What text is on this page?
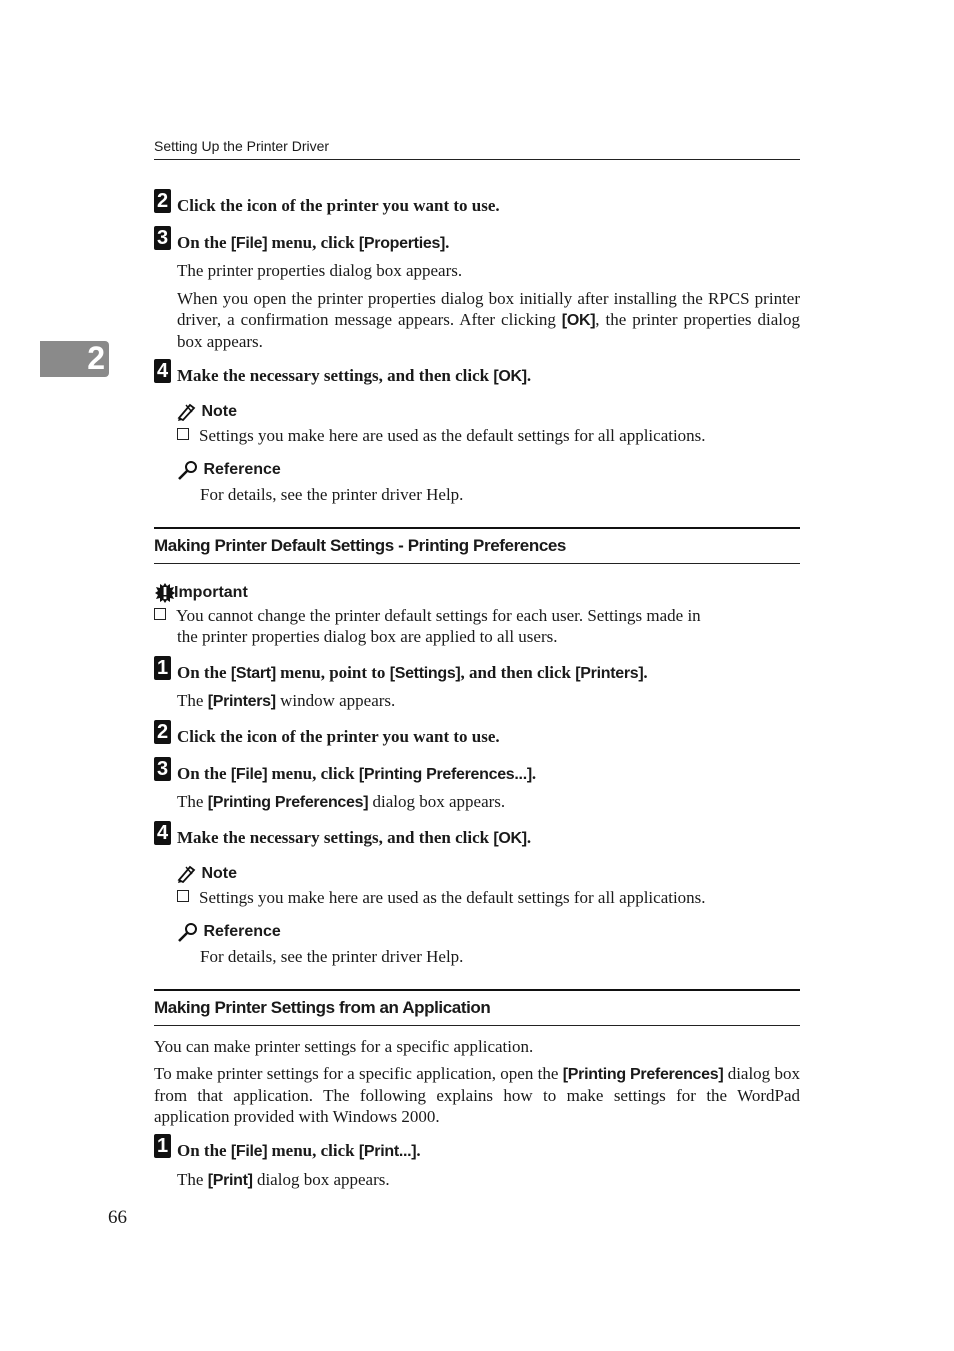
Setting Up the Printer Driver
2
2 Click the icon of the printer you want to use.
3 On the [File] menu, click [Properties].
The printer properties dialog box appears.
When you open the printer properties dialog box initially after installing the RPCS printer driver, a confirmation message appears. After clicking [OK], the printer properties dialog box appears.
4 Make the necessary settings, and then click [OK].
Note
Settings you make here are used as the default settings for all applications.
Reference
For details, see the printer driver Help.
Making Printer Default Settings - Printing Preferences
Important
You cannot change the printer default settings for each user. Settings made in
the printer properties dialog box are applied to all users.
1 On the [Start] menu, point to [Settings], and then click [Printers].
The [Printers] window appears.
2 Click the icon of the printer you want to use.
3 On the [File] menu, click [Printing Preferences...].
The [Printing Preferences] dialog box appears.
4 Make the necessary settings, and then click [OK].
Note
Settings you make here are used as the default settings for all applications.
Reference
For details, see the printer driver Help.
Making Printer Settings from an Application
You can make printer settings for a specific application.
To make printer settings for a specific application, open the [Printing Preferences] dialog box from that application. The following explains how to make settings for the WordPad application provided with Windows 2000.
1 On the [File] menu, click [Print...].
The [Print] dialog box appears.
66
